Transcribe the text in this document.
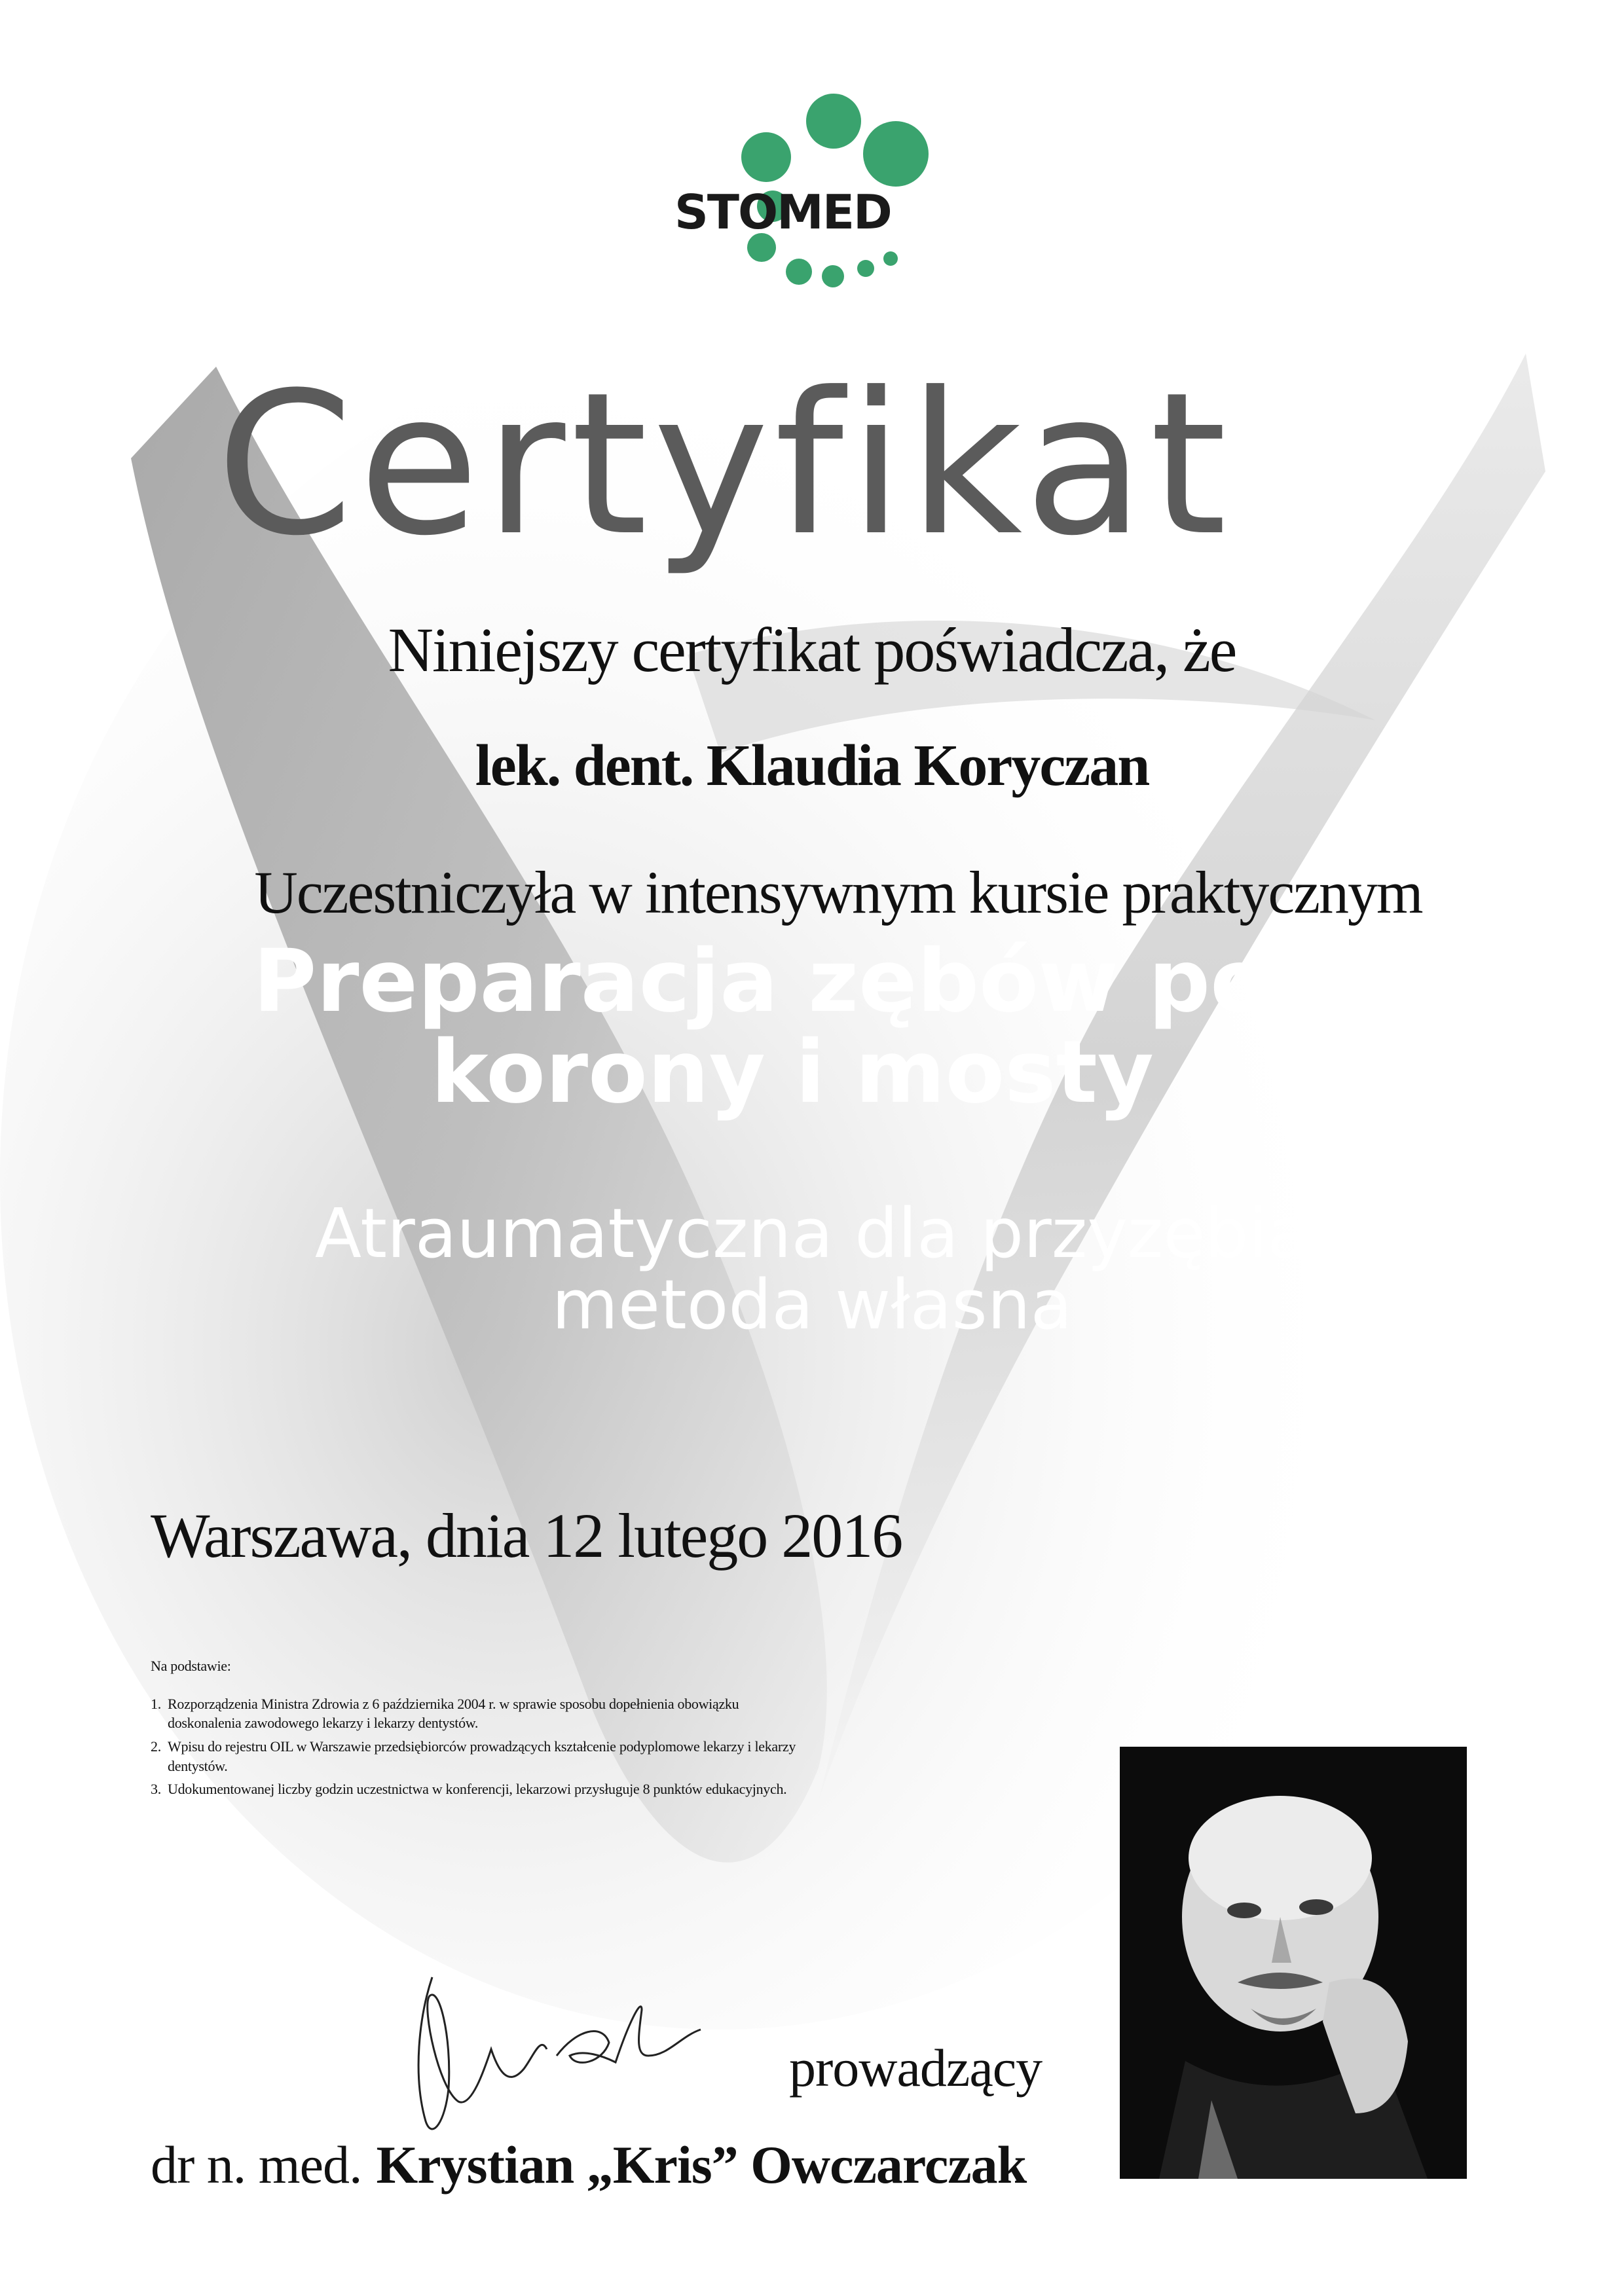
STOMED
Certyfikat
Niniejszy certyfikat poświadcza, że
lek. dent. Klaudia Koryczan
Uczestniczyła w intensywnym kursie praktycznym
Preparacja zębów pod korony i mosty
Atraumatyczna dla przyzębia metoda własna
Warszawa, dnia 12 lutego 2016
Na podstawie:
1. Rozporządzenia Ministra Zdrowia z 6 października 2004 r. w sprawie sposobu dopełnienia obowiązku doskonalenia zawodowego lekarzy i lekarzy dentystów.
2. Wpisu do rejestru OIL w Warszawie przedsiębiorców prowadzących kształcenie podyplomowe lekarzy i lekarzy dentystów.
3. Udokumentowanej liczby godzin uczestnictwa w konferencji, lekarzowi przysługuje 8 punktów edukacyjnych.
prowadzący
dr n. med. Krystian „Kris” Owczarczak
